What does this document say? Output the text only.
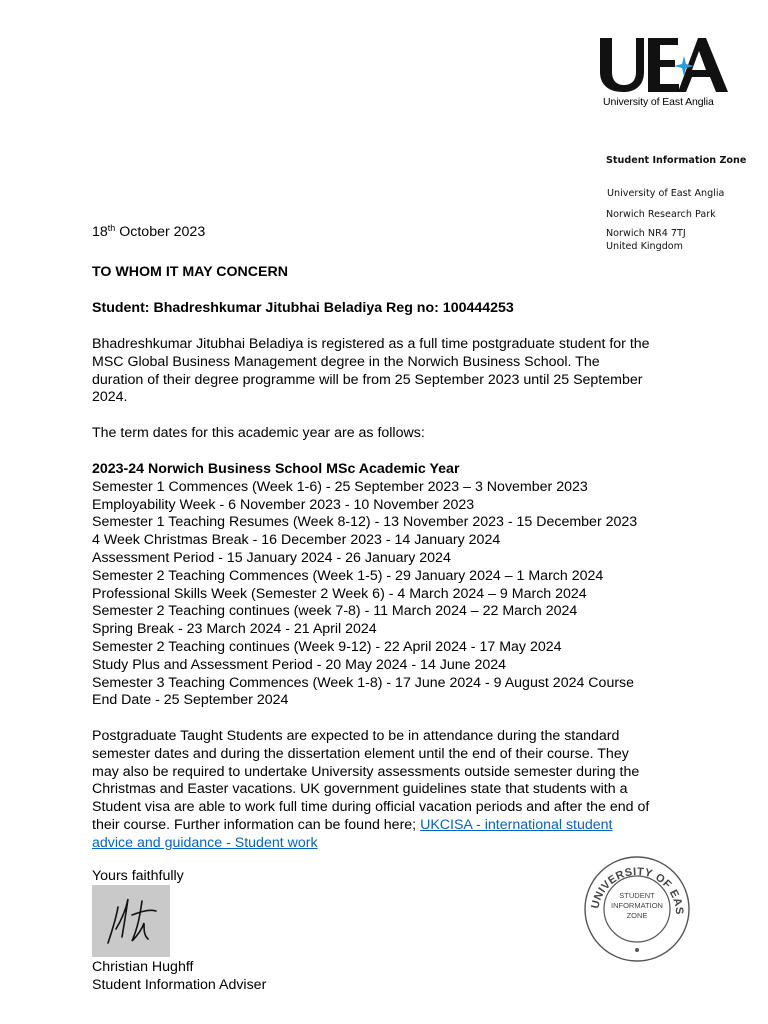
University of East Anglia
Student Information Zone
University of East Anglia
Norwich Research Park
Norwich NR4 7TJ
United Kingdom
18th October 2023
TO WHOM IT MAY CONCERN
Student: Bhadreshkumar Jitubhai Beladiya Reg no: 100444253
Bhadreshkumar Jitubhai Beladiya is registered as a full time postgraduate student for the
MSC Global Business Management degree in the Norwich Business School. The
duration of their degree programme will be from 25 September 2023 until 25 September
2024.
The term dates for this academic year are as follows:
2023-24 Norwich Business School MSc Academic Year
Semester 1 Commences (Week 1-6) - 25 September 2023 – 3 November 2023
Employability Week - 6 November 2023 - 10 November 2023
Semester 1 Teaching Resumes (Week 8-12) - 13 November 2023 - 15 December 2023
4 Week Christmas Break - 16 December 2023 - 14 January 2024
Assessment Period - 15 January 2024 - 26 January 2024
Semester 2 Teaching Commences (Week 1-5) - 29 January 2024 – 1 March 2024
Professional Skills Week (Semester 2 Week 6) - 4 March 2024 – 9 March 2024
Semester 2 Teaching continues (week 7-8) - 11 March 2024 – 22 March 2024
Spring Break - 23 March 2024 - 21 April 2024
Semester 2 Teaching continues (Week 9-12) - 22 April 2024 - 17 May 2024
Study Plus and Assessment Period - 20 May 2024 - 14 June 2024
Semester 3 Teaching Commences (Week 1-8) - 17 June 2024 - 9 August 2024 Course
End Date - 25 September 2024
Postgraduate Taught Students are expected to be in attendance during the standard
semester dates and during the dissertation element until the end of their course. They
may also be required to undertake University assessments outside semester during the
Christmas and Easter vacations. UK government guidelines state that students with a
Student visa are able to work full time during official vacation periods and after the end of
their course. Further information can be found here; UKCISA - international student
advice and guidance - Student work
Yours faithfully
Christian Hughff
Student Information Adviser
UNIVERSITY OF EAS
STUDENT
INFORMATION
ZONE
